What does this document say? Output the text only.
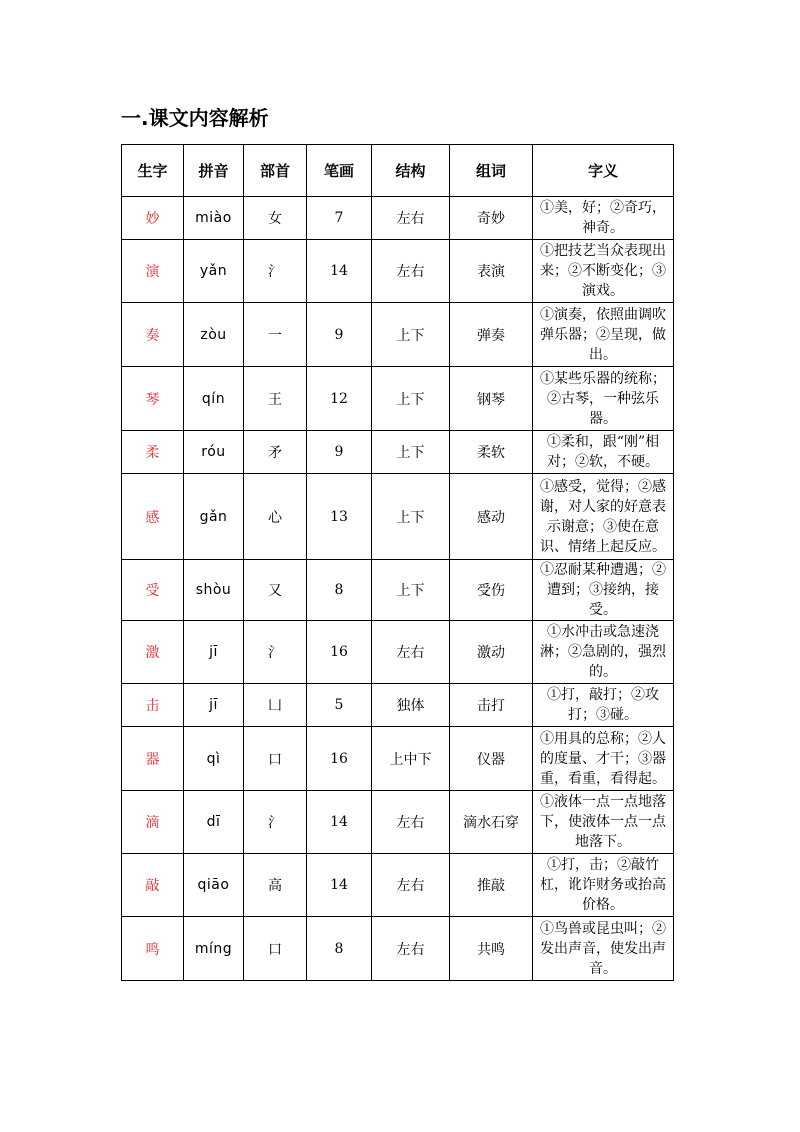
一.课文内容解析
生字	拼音	部首	笔画	结构	组词	字义
妙	miào	女	7	左右	奇妙	①美，好；②奇巧，神奇。
演	yǎn	氵	14	左右	表演	①把技艺当众表现出来；②不断变化；③演戏。
奏	zòu	一	9	上下	弹奏	①演奏，依照曲调吹弹乐器；②呈现，做出。
琴	qín	王	12	上下	钢琴	①某些乐器的统称；②古琴，一种弦乐器。
柔	róu	矛	9	上下	柔软	①柔和，跟“刚”相对；②软，不硬。
感	gǎn	心	13	上下	感动	①感受，觉得；②感谢，对人家的好意表示谢意；③使在意识、情绪上起反应。
受	shòu	又	8	上下	受伤	①忍耐某种遭遇；②遭到；③接纳，接受。
激	jī	氵	16	左右	激动	①水冲击或急速浇淋；②急剧的，强烈的。
击	jī	凵	5	独体	击打	①打，敲打；②攻打；③碰。
器	qì	口	16	上中下	仪器	①用具的总称；②人的度量、才干；③器重，看重，看得起。
滴	dī	氵	14	左右	滴水石穿	①液体一点一点地落下，使液体一点一点地落下。
敲	qiāo	高	14	左右	推敲	①打，击；②敲竹杠，讹诈财务或抬高价格。
鸣	míng	口	8	左右	共鸣	①鸟兽或昆虫叫；②发出声音，使发出声音。
